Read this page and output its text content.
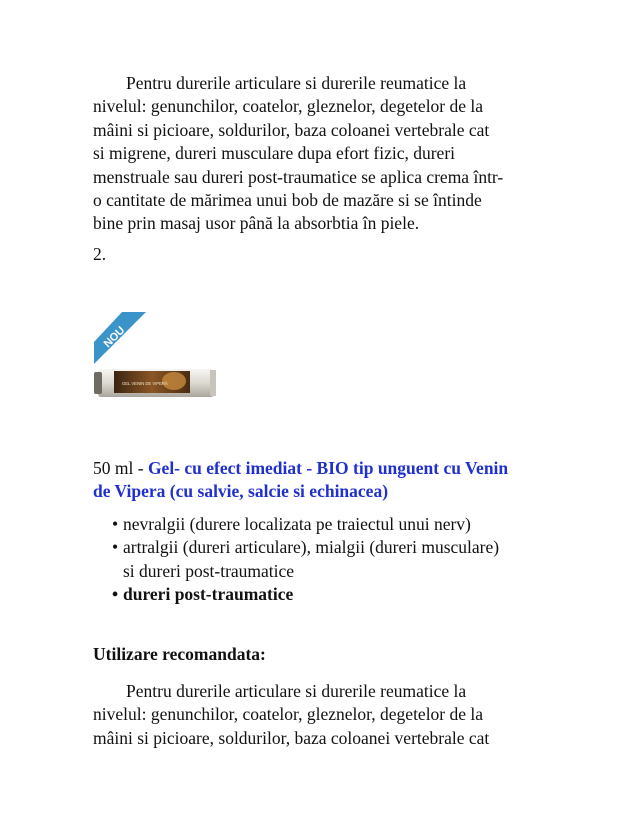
Pentru durerile articulare si durerile reumatice la
nivelul: genunchilor, coatelor, gleznelor, degetelor de la
mâini si picioare, soldurilor, baza coloanei vertebrale cat
si migrene, dureri musculare dupa efort fizic, dureri
menstruale sau dureri post-traumatice se aplica crema într-
o cantitate de mărimea unui bob de mazăre si se întinde
bine prin masaj usor până la absorbtia în piele.

2.

NOU
GEL VENIN DE VIPERĂ

50 ml - Gel- cu efect imediat - BIO tip unguent cu Venin
de Vipera (cu salvie, salcie si echinacea)

• nevralgii (durere localizata pe traiectul unui nerv)
• artralgii (dureri articulare), mialgii (dureri musculare)
si dureri post-traumatice
• dureri post-traumatice

Utilizare recomandata:

Pentru durerile articulare si durerile reumatice la
nivelul: genunchilor, coatelor, gleznelor, degetelor de la
mâini si picioare, soldurilor, baza coloanei vertebrale cat
